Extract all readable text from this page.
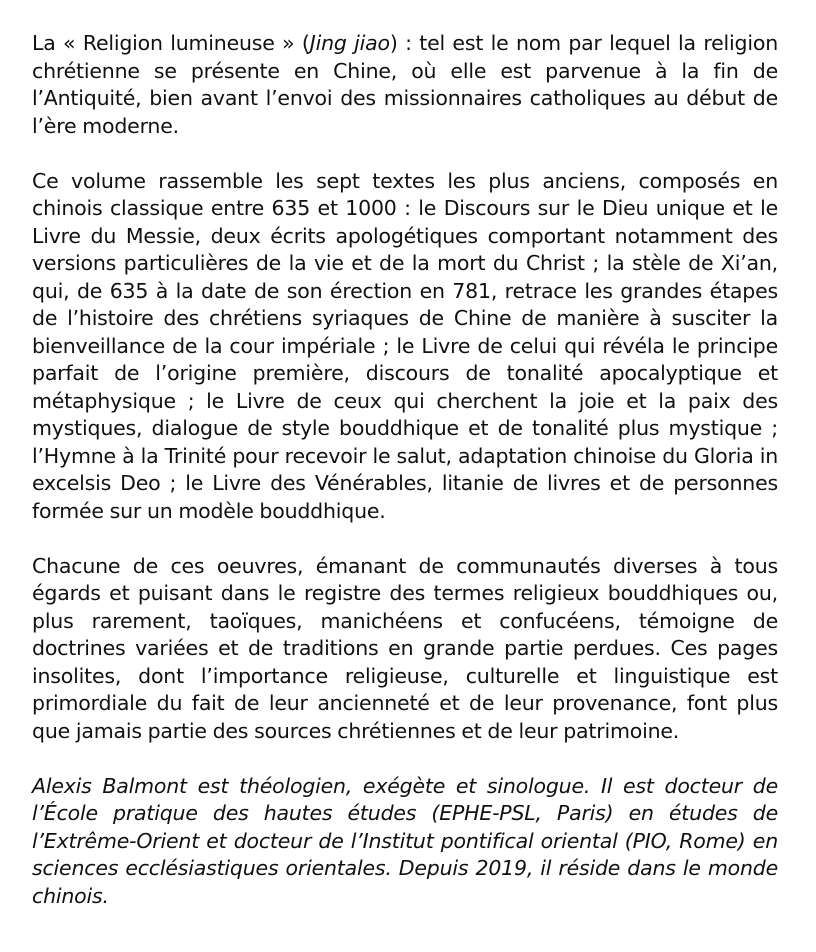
La « Religion lumineuse » (Jing jiao) : tel est le nom par lequel la religion chrétienne se présente en Chine, où elle est parvenue à la fin de l’Antiquité, bien avant l’envoi des missionnaires catholiques au début de l’ère moderne.

Ce volume rassemble les sept textes les plus anciens, composés en chinois classique entre 635 et 1000 : le Discours sur le Dieu unique et le Livre du Messie, deux écrits apologétiques comportant notamment des versions particulières de la vie et de la mort du Christ ; la stèle de Xi’an, qui, de 635 à la date de son érection en 781, retrace les grandes étapes de l’histoire des chrétiens syriaques de Chine de manière à susciter la bienveillance de la cour impériale ; le Livre de celui qui révéla le principe parfait de l’origine première, discours de tonalité apocalyptique et métaphysique ; le Livre de ceux qui cherchent la joie et la paix des mystiques, dialogue de style bouddhique et de tonalité plus mystique ; l’Hymne à la Trinité pour recevoir le salut, adaptation chinoise du Gloria in excelsis Deo ; le Livre des Vénérables, litanie de livres et de personnes formée sur un modèle bouddhique.

Chacune de ces oeuvres, émanant de communautés diverses à tous égards et puisant dans le registre des termes religieux bouddhiques ou, plus rarement, taoïques, manichéens et confucéens, témoigne de doctrines variées et de traditions en grande partie perdues. Ces pages insolites, dont l’importance religieuse, culturelle et linguistique est primordiale du fait de leur ancienneté et de leur provenance, font plus que jamais partie des sources chrétiennes et de leur patrimoine.

Alexis Balmont est théologien, exégète et sinologue. Il est docteur de l’École pratique des hautes études (EPHE-PSL, Paris) en études de l’Extrême-Orient et docteur de l’Institut pontifical oriental (PIO, Rome) en sciences ecclésiastiques orientales. Depuis 2019, il réside dans le monde chinois.
